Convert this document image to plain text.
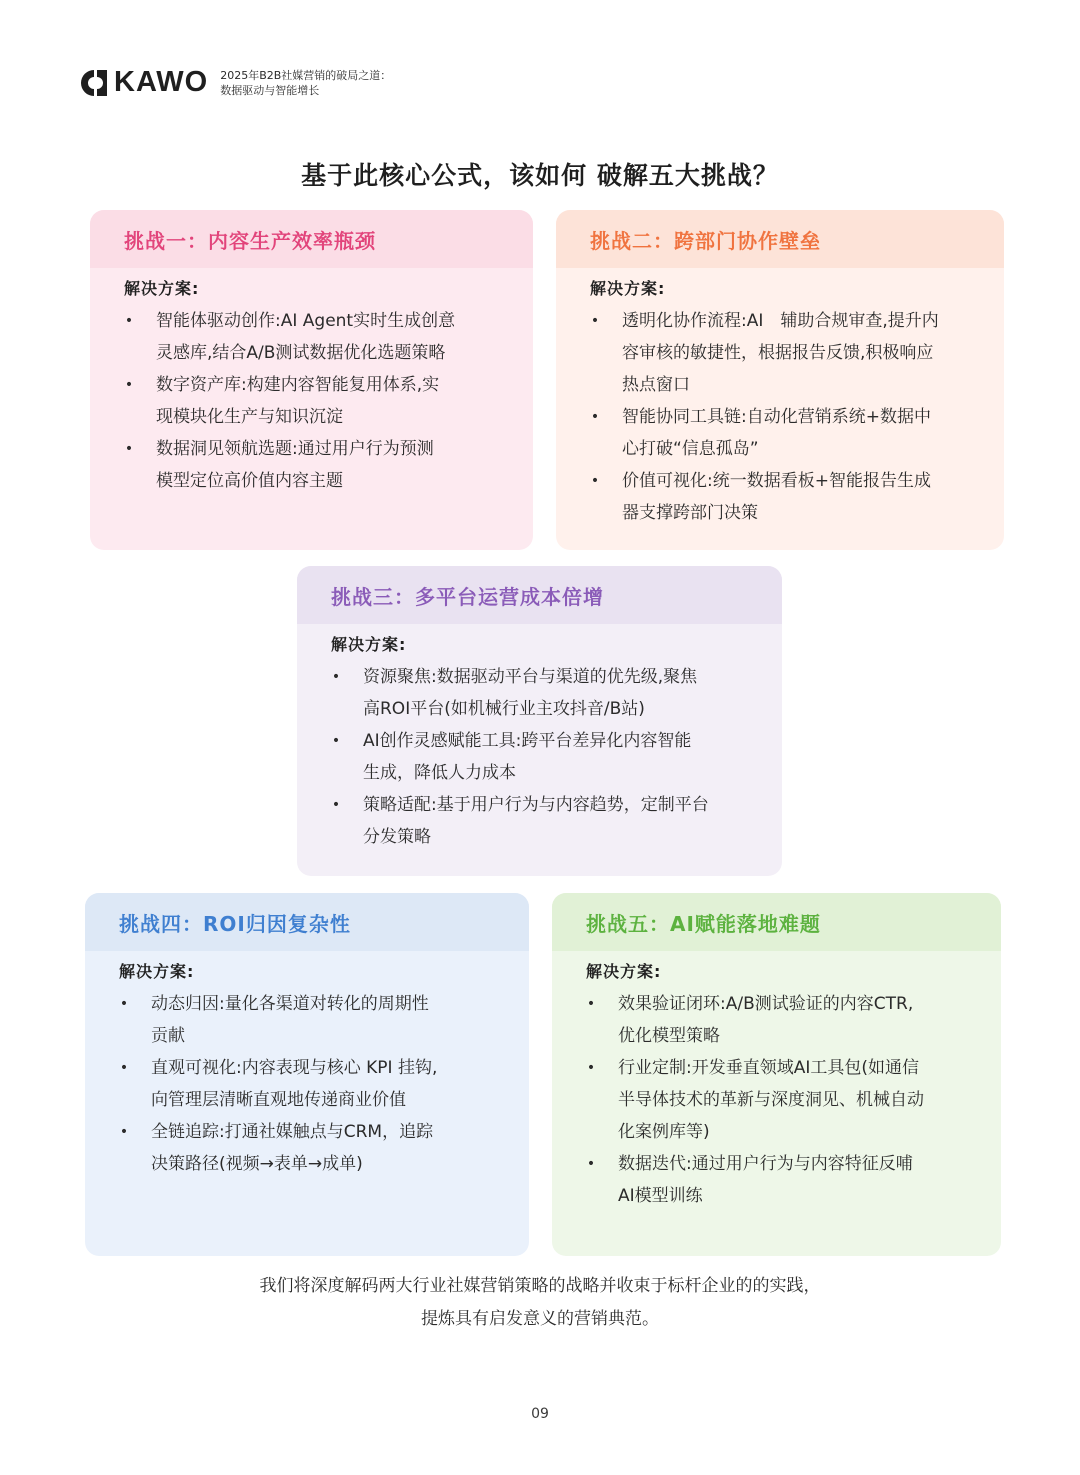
KAWO 2025年B2B社媒营销的破局之道：
数据驱动与智能增长
基于此核心公式，该如何 破解五大挑战？
挑战一：内容生产效率瓶颈
解决方案:
• 智能体驱动创作:AI Agent实时生成创意
灵感库,结合A/B测试数据优化选题策略
• 数字资产库:构建内容智能复用体系,实
现模块化生产与知识沉淀
• 数据洞见领航选题:通过用户行为预测
模型定位高价值内容主题
挑战二：跨部门协作壁垒
解决方案:
• 透明化协作流程:AI　辅助合规审查,提升内
容审核的敏捷性，根据报告反馈,积极响应
热点窗口
• 智能协同工具链:自动化营销系统+数据中
心打破“信息孤岛”
• 价值可视化:统一数据看板+智能报告生成
器支撑跨部门决策
挑战三：多平台运营成本倍增
解决方案:
• 资源聚焦:数据驱动平台与渠道的优先级,聚焦
高ROI平台(如机械行业主攻抖音/B站)
• AI创作灵感赋能工具:跨平台差异化内容智能
生成，降低人力成本
• 策略适配:基于用户行为与内容趋势，定制平台
分发策略
挑战四：ROI归因复杂性
解决方案:
• 动态归因:量化各渠道对转化的周期性
贡献
• 直观可视化:内容表现与核心 KPI 挂钩,
向管理层清晰直观地传递商业价值
• 全链追踪:打通社媒触点与CRM，追踪
决策路径(视频→表单→成单)
挑战五：AI赋能落地难题
解决方案:
• 效果验证闭环:A/B测试验证的内容CTR,
优化模型策略
• 行业定制:开发垂直领域AI工具包(如通信
半导体技术的革新与深度洞见、机械自动
化案例库等)
• 数据迭代:通过用户行为与内容特征反哺
AI模型训练
我们将深度解码两大行业社媒营销策略的战略并收束于标杆企业的的实践，
提炼具有启发意义的营销典范。
09
